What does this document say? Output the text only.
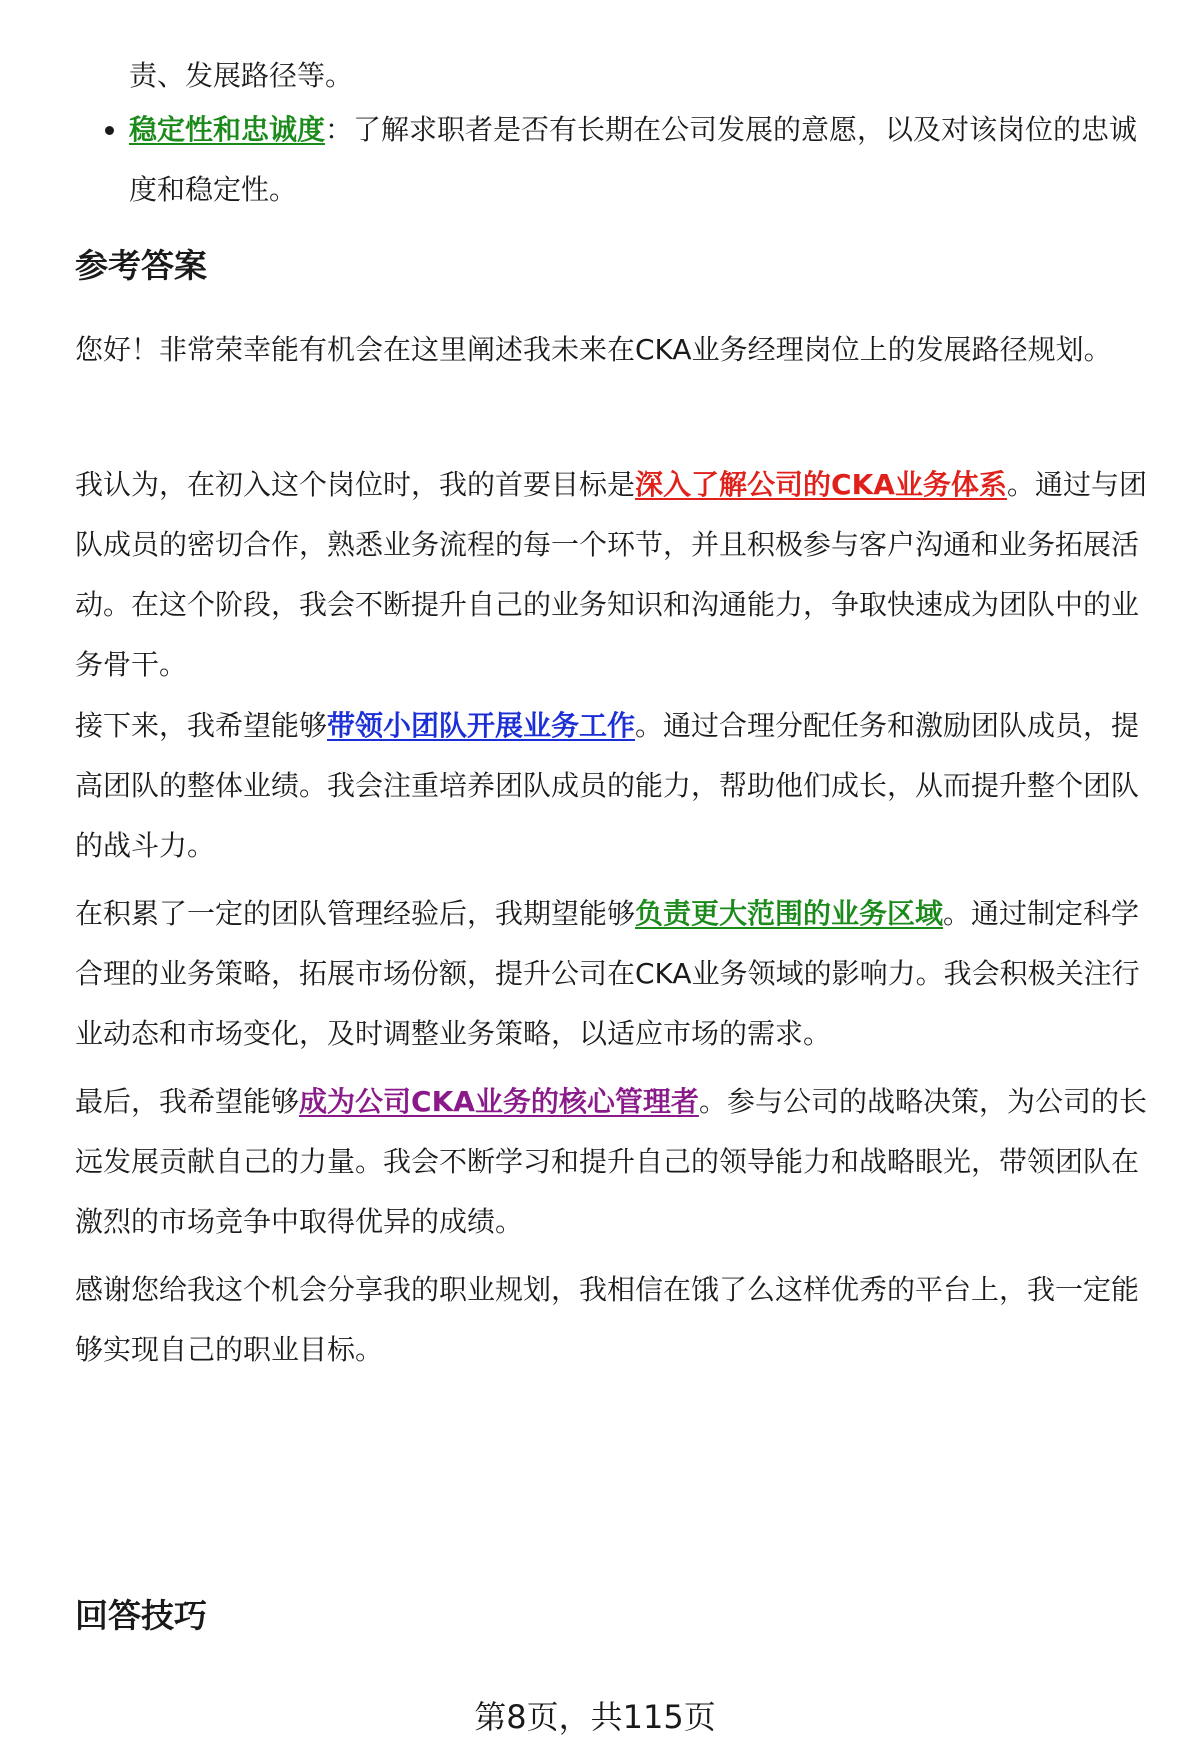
责、发展路径等。
稳定性和忠诚度：了解求职者是否有长期在公司发展的意愿，以及对该岗位的忠诚度和稳定性。
参考答案

您好！非常荣幸能有机会在这里阐述我未来在CKA业务经理岗位上的发展路径规划。

我认为，在初入这个岗位时，我的首要目标是深入了解公司的CKA业务体系。通过与团队成员的密切合作，熟悉业务流程的每一个环节，并且积极参与客户沟通和业务拓展活动。在这个阶段，我会不断提升自己的业务知识和沟通能力，争取快速成为团队中的业务骨干。

接下来，我希望能够带领小团队开展业务工作。通过合理分配任务和激励团队成员，提高团队的整体业绩。我会注重培养团队成员的能力，帮助他们成长，从而提升整个团队的战斗力。

在积累了一定的团队管理经验后，我期望能够负责更大范围的业务区域。通过制定科学合理的业务策略，拓展市场份额，提升公司在CKA业务领域的影响力。我会积极关注行业动态和市场变化，及时调整业务策略，以适应市场的需求。

最后，我希望能够成为公司CKA业务的核心管理者。参与公司的战略决策，为公司的长远发展贡献自己的力量。我会不断学习和提升自己的领导能力和战略眼光，带领团队在激烈的市场竞争中取得优异的成绩。

感谢您给我这个机会分享我的职业规划，我相信在饿了么这样优秀的平台上，我一定能够实现自己的职业目标。

回答技巧
第8页，共115页
